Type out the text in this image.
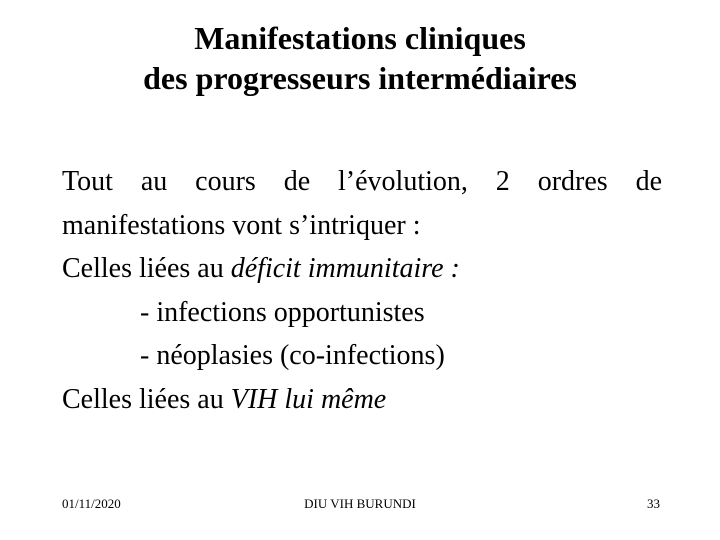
Manifestations cliniques
des progresseurs intermédiaires
Tout au cours de l’évolution, 2 ordres de
manifestations vont s’intriquer :
Celles liées au déficit immunitaire :
- infections opportunistes
- néoplasies (co-infections)
Celles liées au VIH lui même
01/11/2020	DIU VIH BURUNDI	33
